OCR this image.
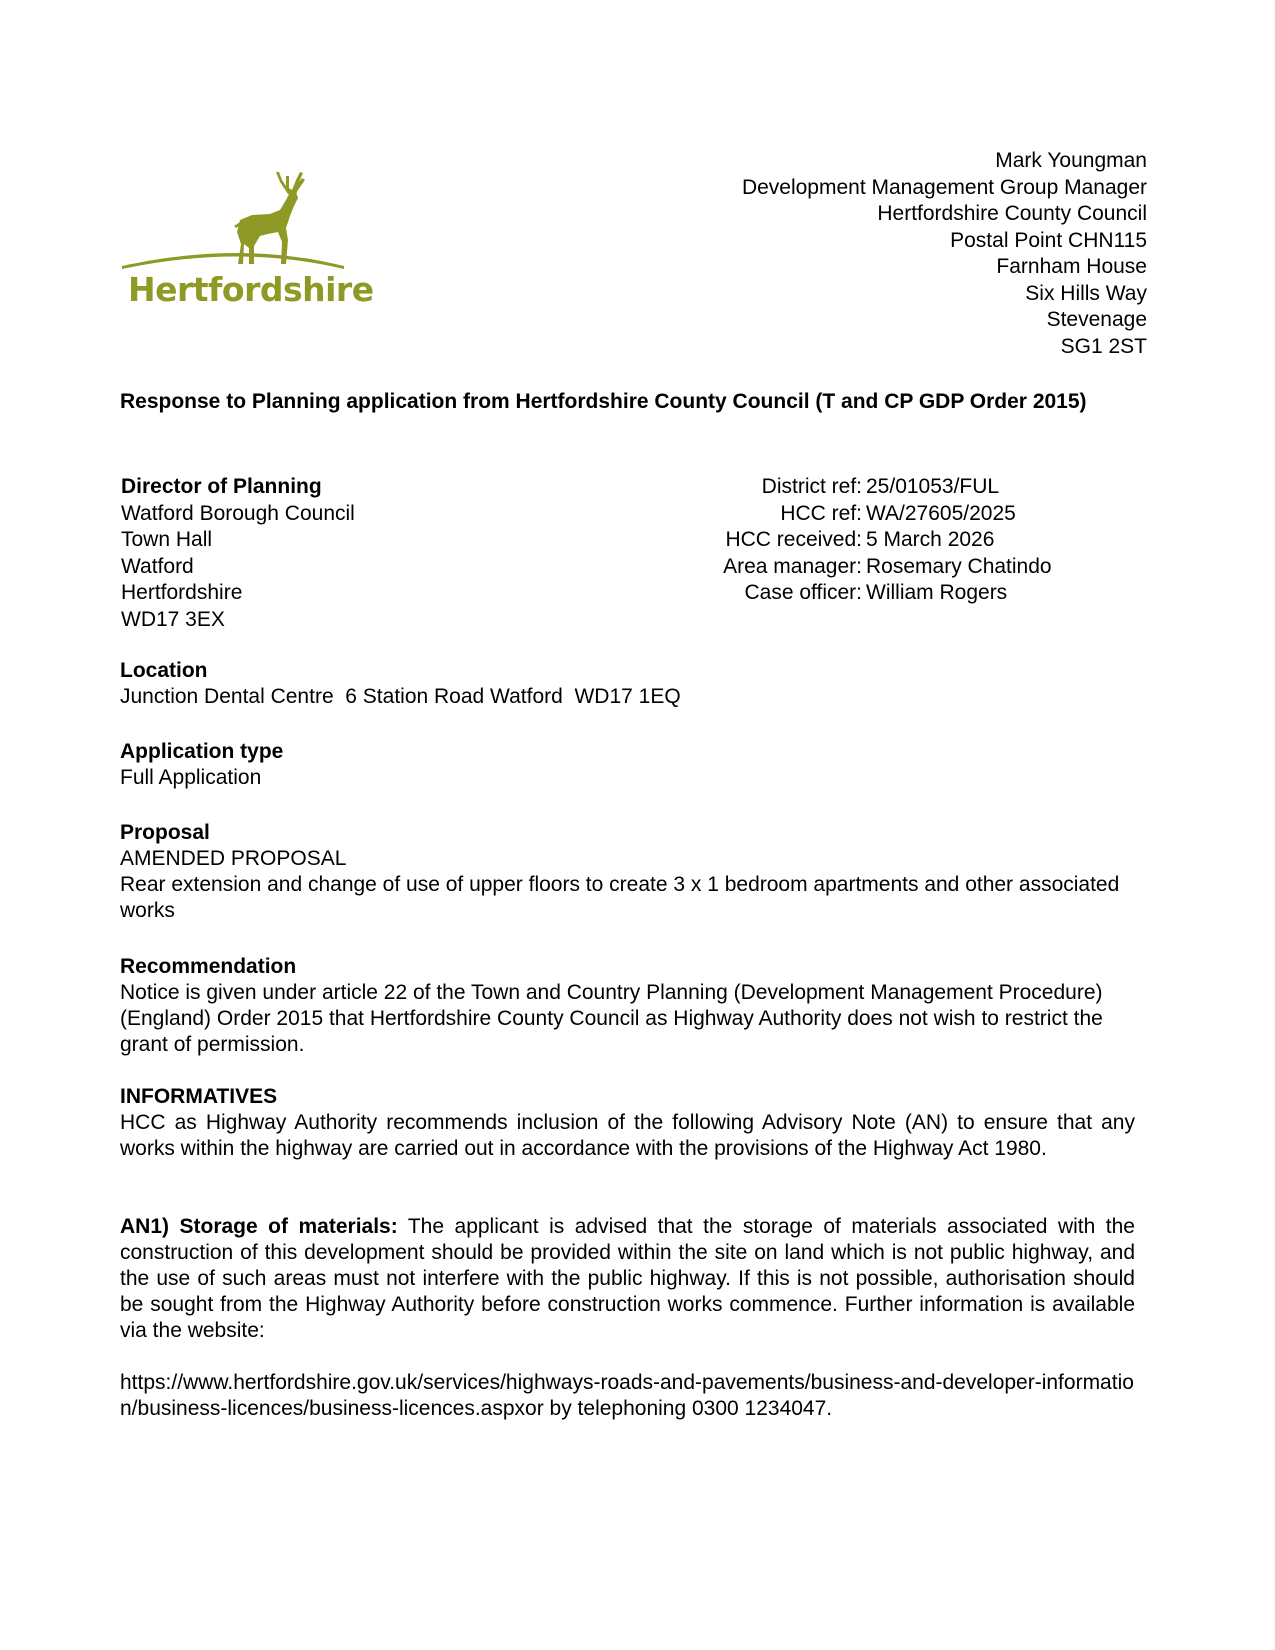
Hertfordshire
Mark Youngman
Development Management Group Manager
Hertfordshire County Council
Postal Point CHN115
Farnham House
Six Hills Way
Stevenage
SG1 2ST
Response to Planning application from Hertfordshire County Council (T and CP GDP Order 2015)
Director of Planning
Watford Borough Council
Town Hall
Watford
Hertfordshire
WD17 3EX
District ref: 25/01053/FUL
HCC ref: WA/27605/2025
HCC received: 5 March 2026
Area manager: Rosemary Chatindo
Case officer: William Rogers
Location
Junction Dental Centre  6 Station Road Watford  WD17 1EQ
Application type
Full Application
Proposal
AMENDED PROPOSAL
Rear extension and change of use of upper floors to create 3 x 1 bedroom apartments and other associated works
Recommendation
Notice is given under article 22 of the Town and Country Planning (Development Management Procedure) (England) Order 2015 that Hertfordshire County Council as Highway Authority does not wish to restrict the grant of permission.
INFORMATIVES
HCC as Highway Authority recommends inclusion of the following Advisory Note (AN) to ensure that any works within the highway are carried out in accordance with the provisions of the Highway Act 1980.
AN1) Storage of materials: The applicant is advised that the storage of materials associated with the construction of this development should be provided within the site on land which is not public highway, and the use of such areas must not interfere with the public highway. If this is not possible, authorisation should be sought from the Highway Authority before construction works commence. Further information is available via the website:
https://www.hertfordshire.gov.uk/services/highways-roads-and-pavements/business-and-developer-information/business-licences/business-licences.aspxor by telephoning 0300 1234047.
